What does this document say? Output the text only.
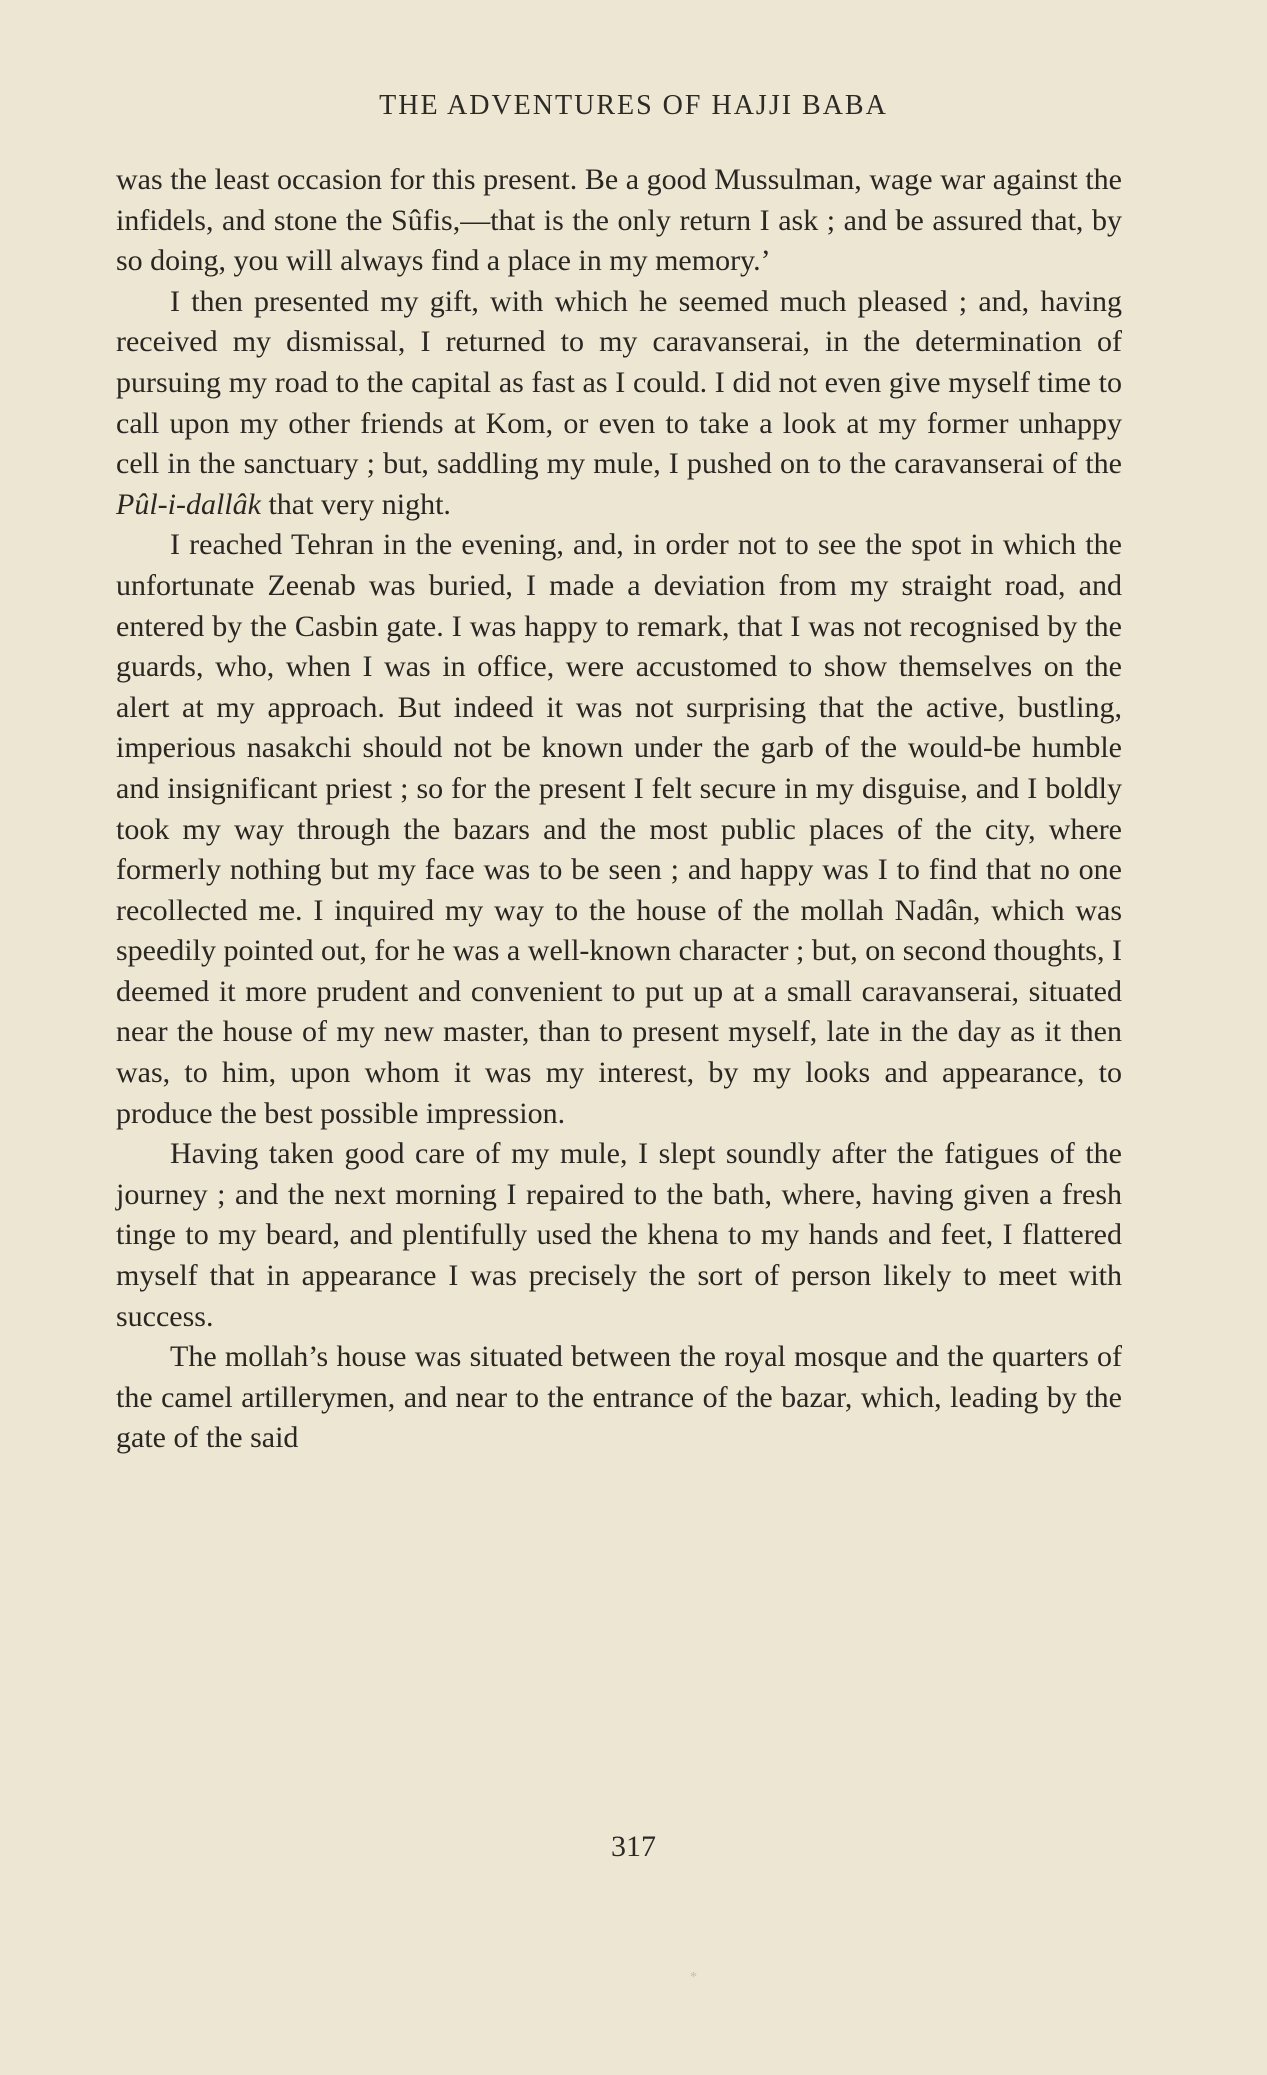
THE ADVENTURES OF HAJJI BABA

was the least occasion for this present. Be a good Mussulman, wage war against the infidels, and stone the Sûfis,—that is the only return I ask ; and be assured that, by so doing, you will always find a place in my memory.’

I then presented my gift, with which he seemed much pleased ; and, having received my dismissal, I returned to my caravanserai, in the determination of pursuing my road to the capital as fast as I could. I did not even give myself time to call upon my other friends at Kom, or even to take a look at my former unhappy cell in the sanctuary ; but, saddling my mule, I pushed on to the caravanserai of the Pûl-i-dallâk that very night.

I reached Tehran in the evening, and, in order not to see the spot in which the unfortunate Zeenab was buried, I made a deviation from my straight road, and entered by the Casbin gate. I was happy to remark, that I was not recognised by the guards, who, when I was in office, were accustomed to show themselves on the alert at my approach. But indeed it was not surprising that the active, bustling, imperious nasakchi should not be known under the garb of the would-be humble and insignificant priest ; so for the present I felt secure in my disguise, and I boldly took my way through the bazars and the most public places of the city, where formerly nothing but my face was to be seen ; and happy was I to find that no one recollected me. I inquired my way to the house of the mollah Nadân, which was speedily pointed out, for he was a well-known character ; but, on second thoughts, I deemed it more prudent and convenient to put up at a small caravanserai, situated near the house of my new master, than to present myself, late in the day as it then was, to him, upon whom it was my interest, by my looks and appearance, to produce the best possible impression.

Having taken good care of my mule, I slept soundly after the fatigues of the journey ; and the next morning I repaired to the bath, where, having given a fresh tinge to my beard, and plentifully used the khena to my hands and feet, I flattered myself that in appearance I was precisely the sort of person likely to meet with success.

The mollah’s house was situated between the royal mosque and the quarters of the camel artillerymen, and near to the entrance of the bazar, which, leading by the gate of the said

317
*
